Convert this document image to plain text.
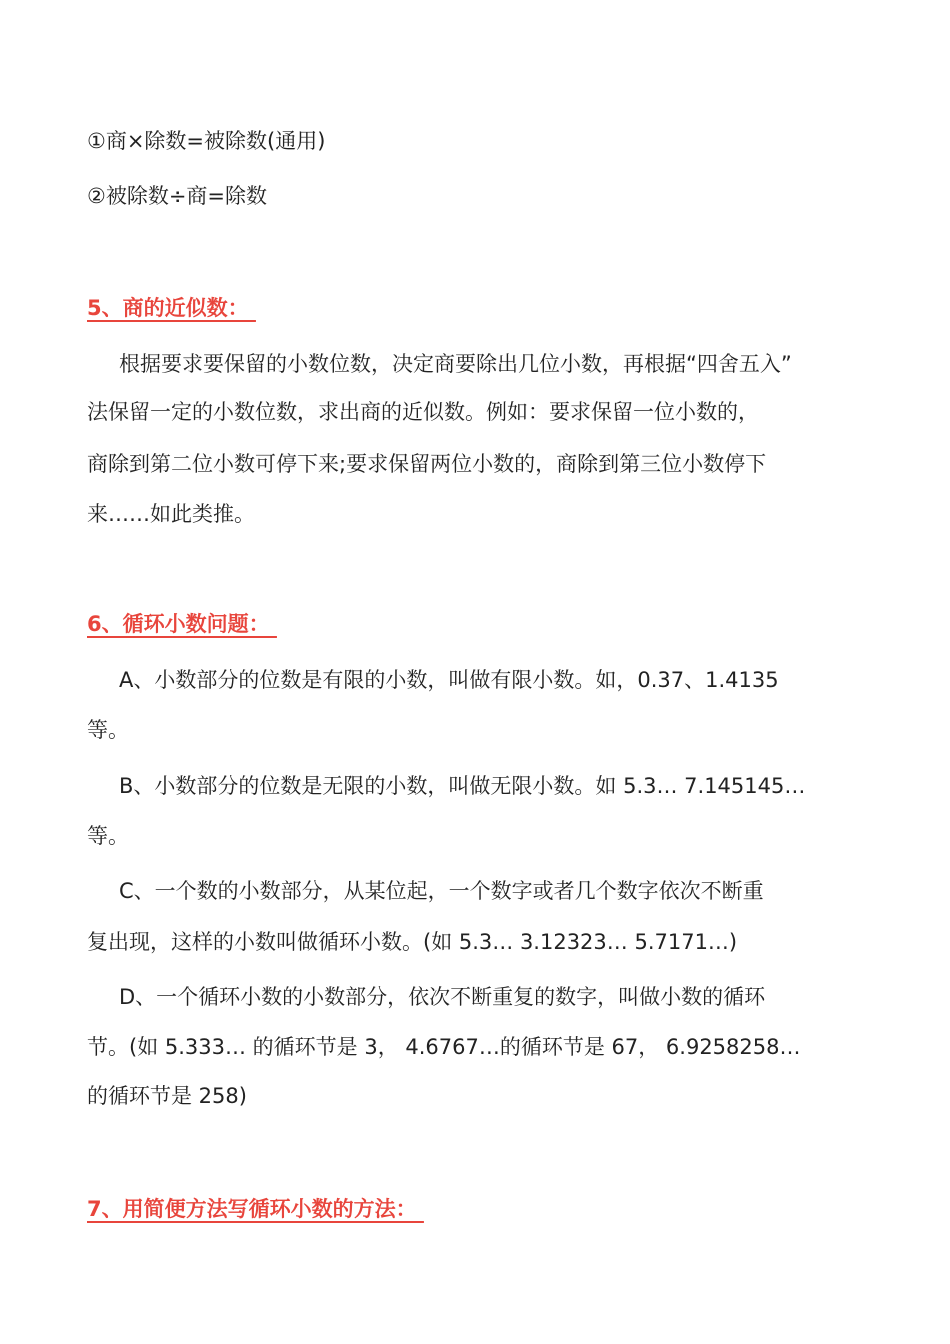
①商×除数=被除数(通用)
②被除数÷商=除数
5、商的近似数：
根据要求要保留的小数位数，决定商要除出几位小数，再根据“四舍五入”
法保留一定的小数位数，求出商的近似数。例如：要求保留一位小数的，
商除到第二位小数可停下来;要求保留两位小数的，商除到第三位小数停下
来……如此类推。
6、循环小数问题：
A、小数部分的位数是有限的小数，叫做有限小数。如，0.37、1.4135
等。
B、小数部分的位数是无限的小数，叫做无限小数。如 5.3… 7.145145…
等。
C、一个数的小数部分，从某位起，一个数字或者几个数字依次不断重
复出现，这样的小数叫做循环小数。(如 5.3… 3.12323… 5.7171…)
D、一个循环小数的小数部分，依次不断重复的数字，叫做小数的循环
节。(如 5.333… 的循环节是 3， 4.6767…的循环节是 67， 6.9258258…
的循环节是 258)
7、用简便方法写循环小数的方法：
